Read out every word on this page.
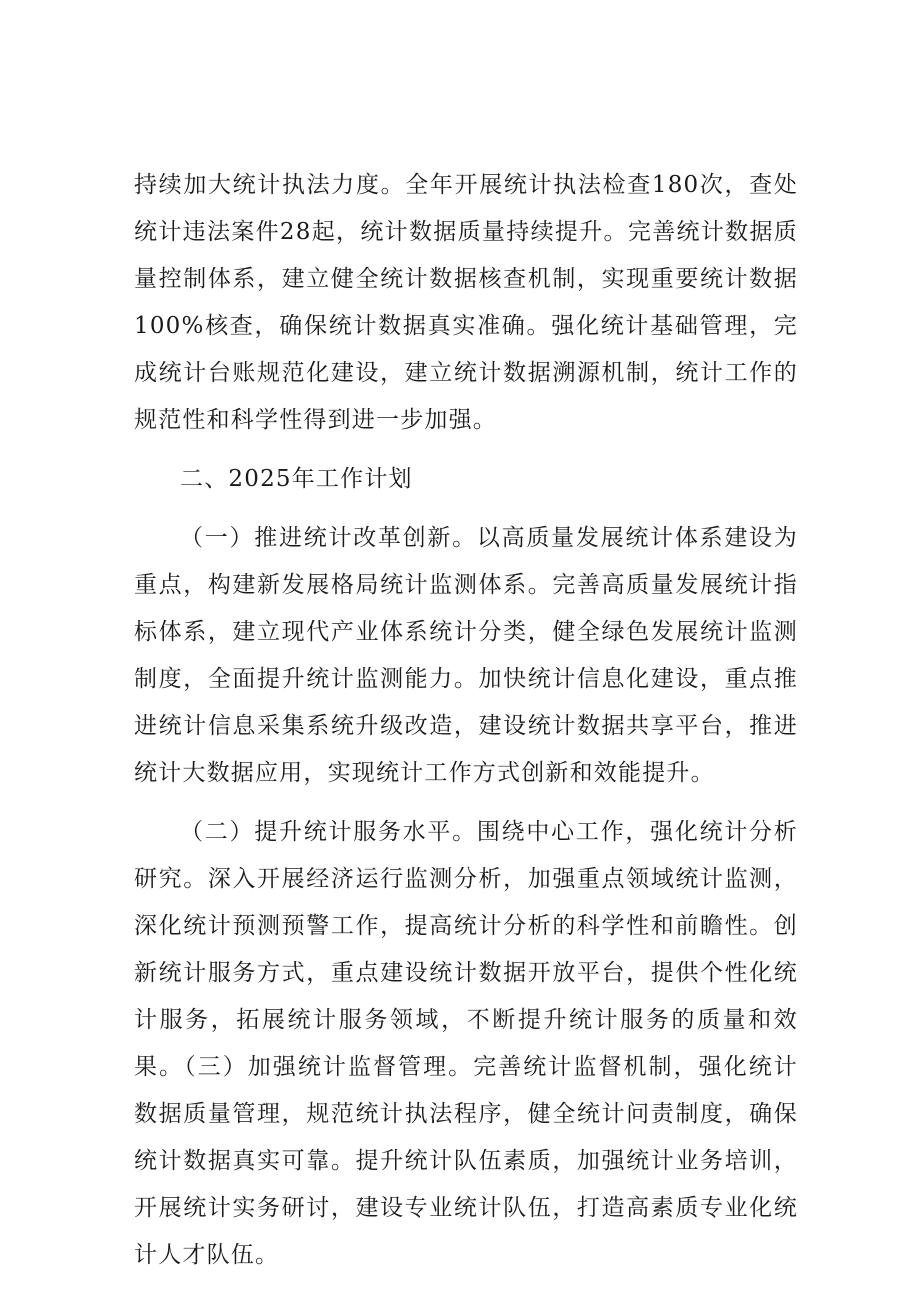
持续加大统计执法力度。全年开展统计执法检查180次，查处统计违法案件28起，统计数据质量持续提升。完善统计数据质量控制体系，建立健全统计数据核查机制，实现重要统计数据100%核查，确保统计数据真实准确。强化统计基础管理，完成统计台账规范化建设，建立统计数据溯源机制，统计工作的规范性和科学性得到进一步加强。

二、2025年工作计划

（一）推进统计改革创新。以高质量发展统计体系建设为重点，构建新发展格局统计监测体系。完善高质量发展统计指标体系，建立现代产业体系统计分类，健全绿色发展统计监测制度，全面提升统计监测能力。加快统计信息化建设，重点推进统计信息采集系统升级改造，建设统计数据共享平台，推进统计大数据应用，实现统计工作方式创新和效能提升。

（二）提升统计服务水平。围绕中心工作，强化统计分析研究。深入开展经济运行监测分析，加强重点领域统计监测，深化统计预测预警工作，提高统计分析的科学性和前瞻性。创新统计服务方式，重点建设统计数据开放平台，提供个性化统计服务，拓展统计服务领域，不断提升统计服务的质量和效果。（三）加强统计监督管理。完善统计监督机制，强化统计数据质量管理，规范统计执法程序，健全统计问责制度，确保统计数据真实可靠。提升统计队伍素质，加强统计业务培训，开展统计实务研讨，建设专业统计队伍，打造高素质专业化统计人才队伍。
